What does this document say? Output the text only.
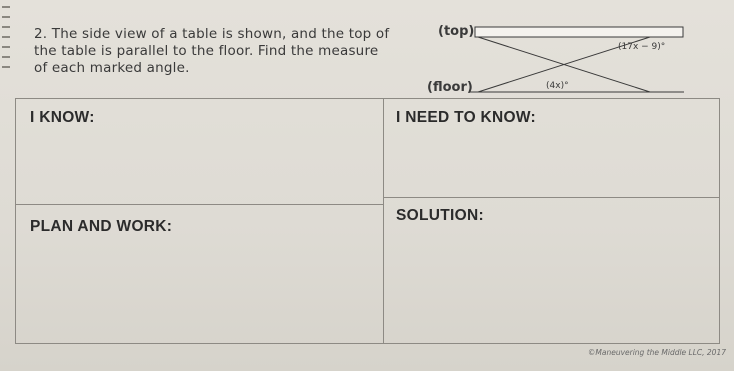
2. The side view of a table is shown, and the top of
the table is parallel to the floor. Find the measure
of each marked angle.
(top)
(floor)
(17x − 9)°
(4x)°
I KNOW:	I NEED TO KNOW:
PLAN AND WORK:
SOLUTION:
©Maneuvering the Middle LLC, 2017
